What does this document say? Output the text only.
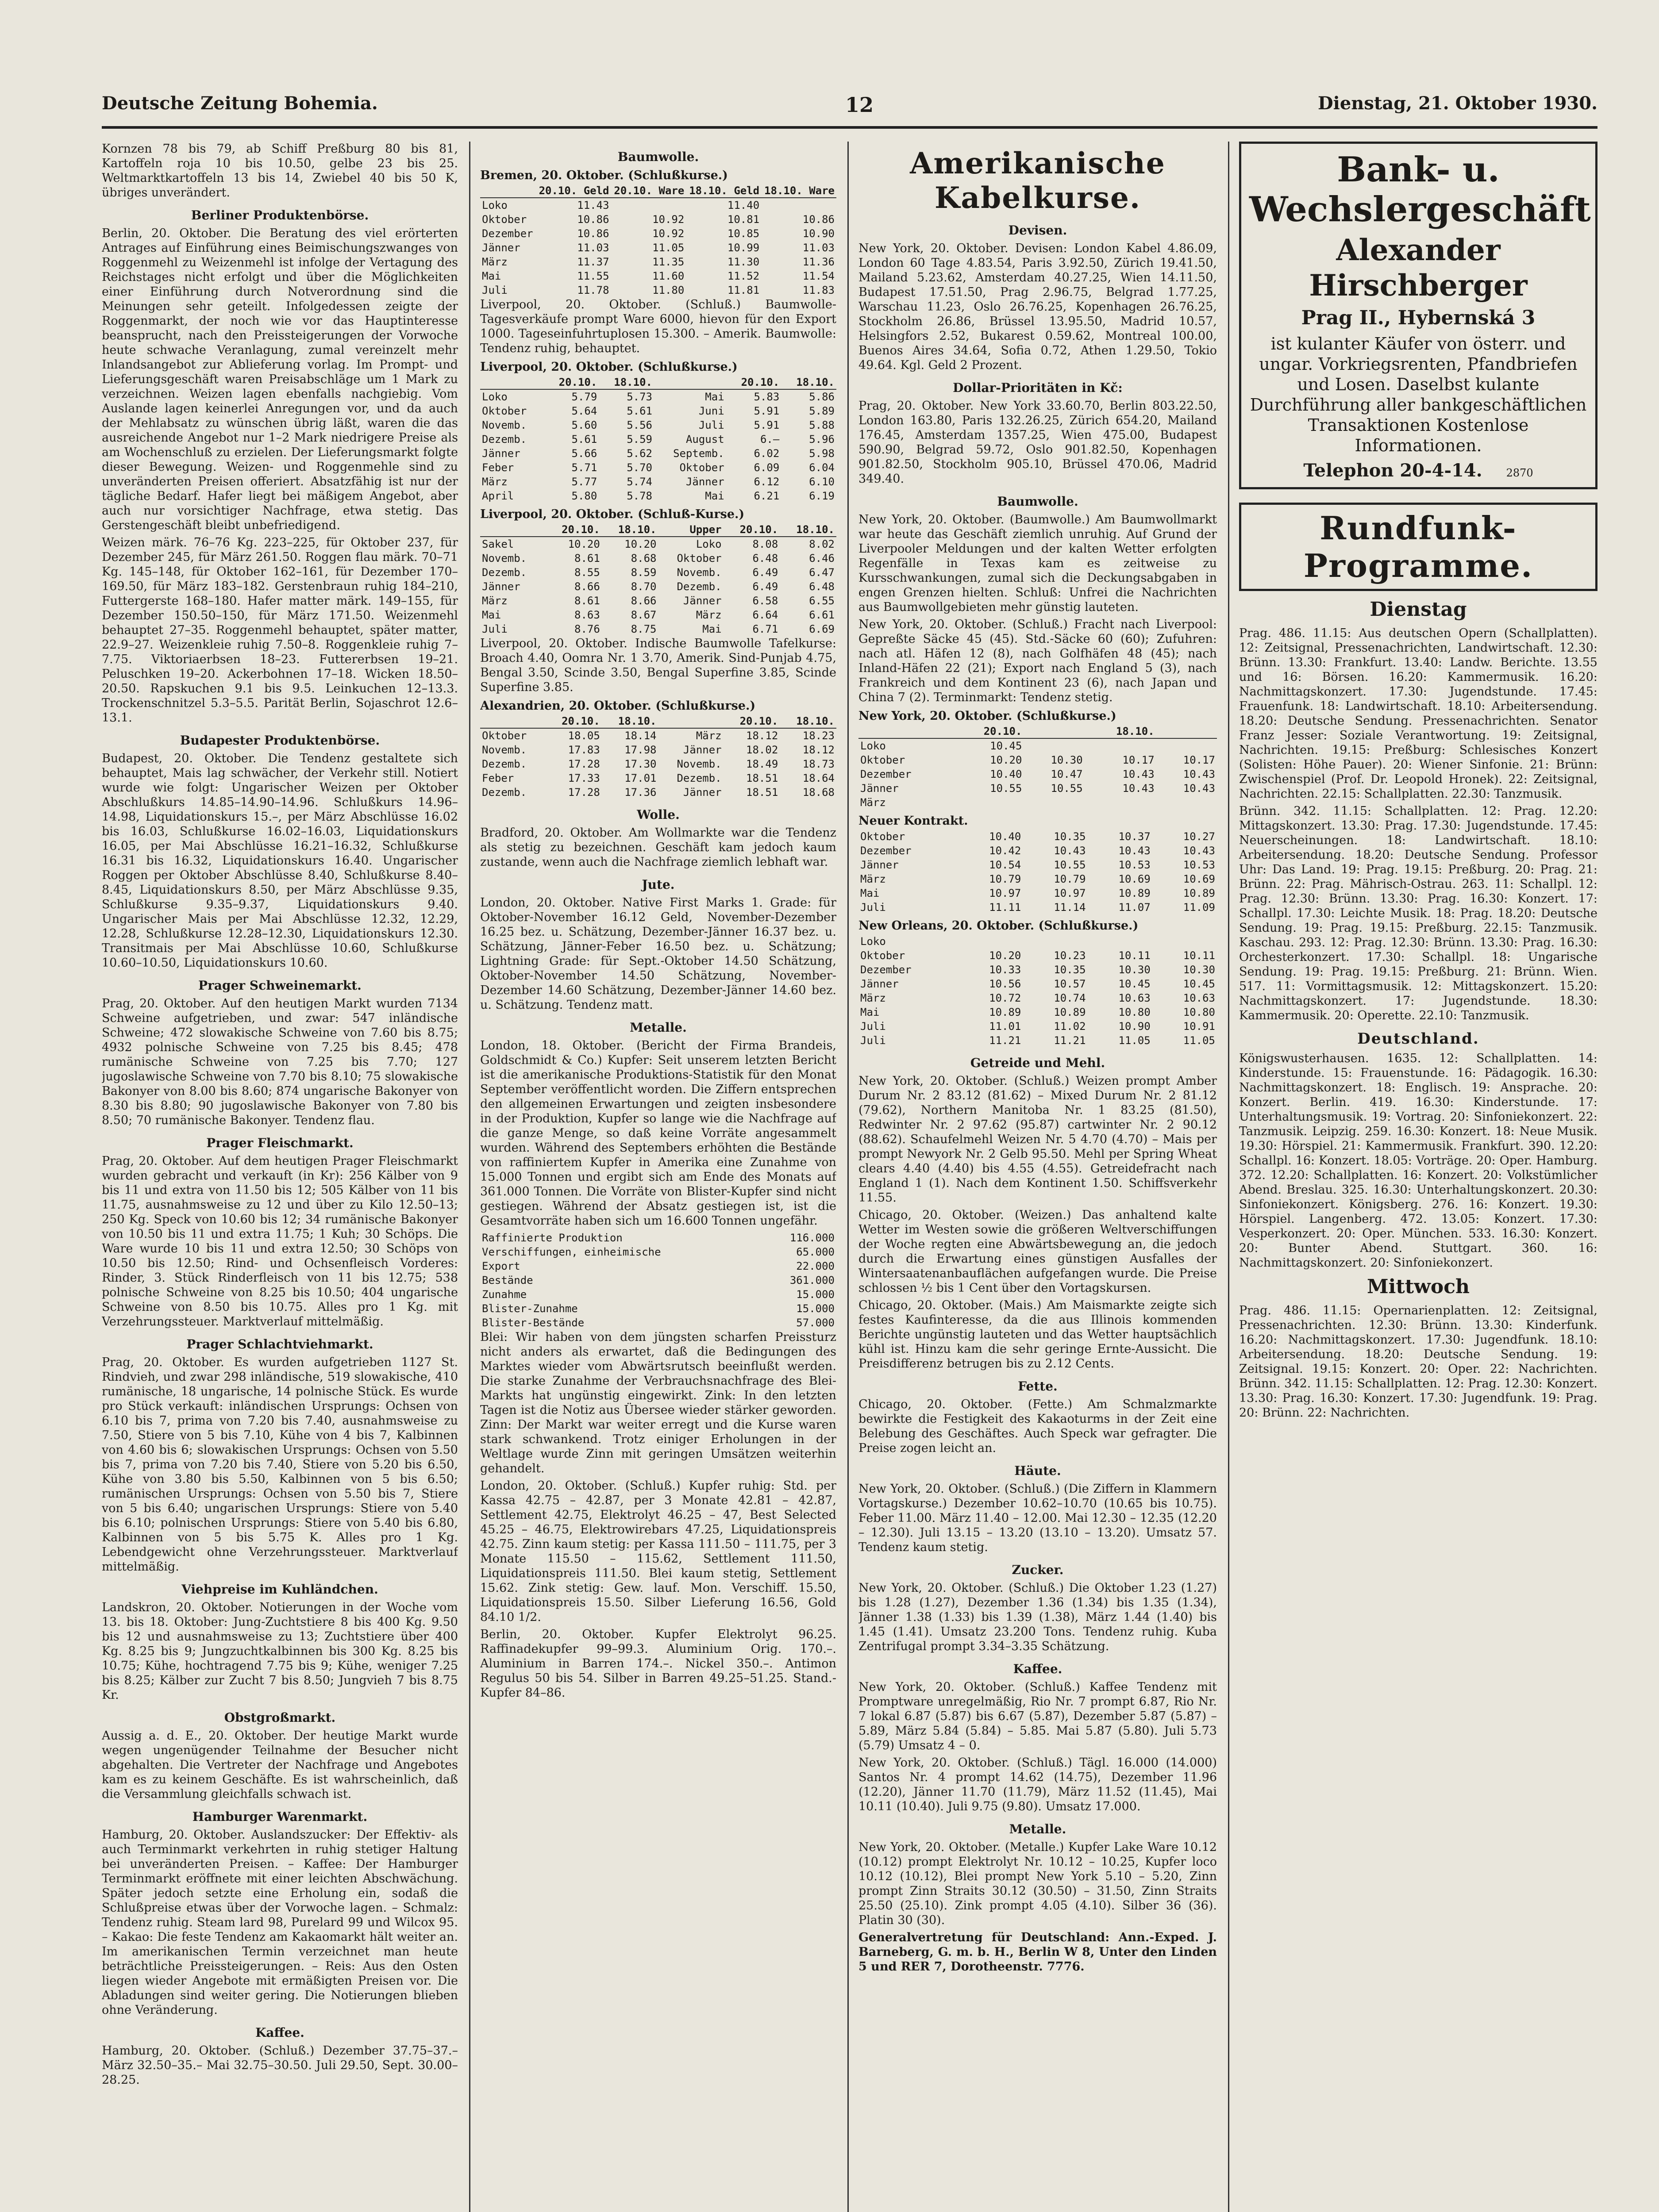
Deutsche Zeitung Bohemia.	12	Dienstag, 21. Oktober 1930.

Kornzen 78 bis 79, ab Schiff Preßburg 80 bis 81, Kartoffeln roja 10 bis 10.50, gelbe 23 bis 25. Weltmarktkartoffeln 13 bis 14, Zwiebel 40 bis 50 K, übriges unverändert.

Berliner Produktenbörse.

Berlin, 20. Oktober. Die Beratung des viel erörterten Antrages auf Einführung eines Beimischungszwanges von Roggenmehl zu Weizenmehl ist infolge der Vertagung des Reichstages nicht erfolgt und über die Möglichkeiten einer Einführung durch Notverordnung sind die Meinungen sehr geteilt. Infolgedessen zeigte der Roggenmarkt, der noch wie vor das Hauptinteresse beansprucht, nach den Preissteigerungen der Vorwoche heute schwache Veranlagung, zumal vereinzelt mehr Inlandsangebot zur Ablieferung vorlag. Im Prompt- und Lieferungsgeschäft waren Preisabschläge um 1 Mark zu verzeichnen. Weizen lagen ebenfalls nachgiebig. Vom Auslande lagen keinerlei Anregungen vor, und da auch der Mehlabsatz zu wünschen übrig läßt, waren die das ausreichende Angebot nur 1–2 Mark niedrigere Preise als am Wochenschluß zu erzielen. Der Lieferungsmarkt folgte dieser Bewegung. Weizen- und Roggenmehle sind zu unveränderten Preisen offeriert. Absatzfähig ist nur der tägliche Bedarf. Hafer liegt bei mäßigem Angebot, aber auch nur vorsichtiger Nachfrage, etwa stetig. Das Gerstengeschäft bleibt unbefriedigend.

Weizen märk. 76–76 Kg. 223–225, für Oktober 237, für Dezember 245, für März 261.50. Roggen flau märk. 70–71 Kg. 145–148, für Oktober 162–161, für Dezember 170–169.50, für März 183–182. Gerstenbraun ruhig 184–210, Futtergerste 168–180. Hafer matter märk. 149–155, für Dezember 150.50–150, für März 171.50. Weizenmehl behauptet 27–35. Roggenmehl behauptet, später matter, 22.9–27. Weizenkleie ruhig 7.50–8. Roggenkleie ruhig 7–7.75. Viktoriaerbsen 18–23. Futtererbsen 19–21. Peluschken 19–20. Ackerbohnen 17–18. Wicken 18.50–20.50. Rapskuchen 9.1 bis 9.5. Leinkuchen 12–13.3. Trockenschnitzel 5.3–5.5. Parität Berlin, Sojaschrot 12.6–13.1.

Budapester Produktenbörse.

Budapest, 20. Oktober. Die Tendenz gestaltete sich behauptet, Mais lag schwächer, der Verkehr still. Notiert wurde wie folgt: Ungarischer Weizen per Oktober Abschlußkurs 14.85–14.90–14.96. Schlußkurs 14.96–14.98, Liquidationskurs 15.–, per März Abschlüsse 16.02 bis 16.03, Schlußkurse 16.02–16.03, Liquidationskurs 16.05, per Mai Abschlüsse 16.21–16.32, Schlußkurse 16.31 bis 16.32, Liquidationskurs 16.40. Ungarischer Roggen per Oktober Abschlüsse 8.40, Schlußkurse 8.40–8.45, Liquidationskurs 8.50, per März Abschlüsse 9.35, Schlußkurse 9.35–9.37, Liquidationskurs 9.40. Ungarischer Mais per Mai Abschlüsse 12.32, 12.29, 12.28, Schlußkurse 12.28–12.30, Liquidationskurs 12.30. Transitmais per Mai Abschlüsse 10.60, Schlußkurse 10.60–10.50, Liquidationskurs 10.60.

Prager Schweinemarkt.

Prag, 20. Oktober. Auf den heutigen Markt wurden 7134 Schweine aufgetrieben, und zwar: 547 inländische Schweine; 472 slowakische Schweine von 7.60 bis 8.75; 4932 polnische Schweine von 7.25 bis 8.45; 478 rumänische Schweine von 7.25 bis 7.70; 127 jugoslawische Schweine von 7.70 bis 8.10; 75 slowakische Bakonyer von 8.00 bis 8.60; 874 ungarische Bakonyer von 8.30 bis 8.80; 90 jugoslawische Bakonyer von 7.80 bis 8.50; 70 rumänische Bakonyer. Tendenz flau.

Prager Fleischmarkt.

Prag, 20. Oktober. Auf dem heutigen Prager Fleischmarkt wurden gebracht und verkauft (in Kr): 256 Kälber von 9 bis 11 und extra von 11.50 bis 12; 505 Kälber von 11 bis 11.75, ausnahmsweise zu 12 und über zu Kilo 12.50–13; 250 Kg. Speck von 10.60 bis 12; 34 rumänische Bakonyer von 10.50 bis 11 und extra 11.75; 1 Kuh; 30 Schöps. Die Ware wurde 10 bis 11 und extra 12.50; 30 Schöps von 10.50 bis 12.50; Rind- und Ochsenfleisch Vorderes: Rinder, 3. Stück Rinderfleisch von 11 bis 12.75; 538 polnische Schweine von 8.25 bis 10.50; 404 ungarische Schweine von 8.50 bis 10.75. Alles pro 1 Kg. mit Verzehrungssteuer. Marktverlauf mittelmäßig.

Prager Schlachtviehmarkt.

Prag, 20. Oktober. Es wurden aufgetrieben 1127 St. Rindvieh, und zwar 298 inländische, 519 slowakische, 410 rumänische, 18 ungarische, 14 polnische Stück. Es wurde pro Stück verkauft: inländischen Ursprungs: Ochsen von 6.10 bis 7, prima von 7.20 bis 7.40, ausnahmsweise zu 7.50, Stiere von 5 bis 7.10, Kühe von 4 bis 7, Kalbinnen von 4.60 bis 6; slowakischen Ursprungs: Ochsen von 5.50 bis 7, prima von 7.20 bis 7.40, Stiere von 5.20 bis 6.50, Kühe von 3.80 bis 5.50, Kalbinnen von 5 bis 6.50; rumänischen Ursprungs: Ochsen von 5.50 bis 7, Stiere von 5 bis 6.40; ungarischen Ursprungs: Stiere von 5.40 bis 6.10; polnischen Ursprungs: Stiere von 5.40 bis 6.80, Kalbinnen von 5 bis 5.75 K. Alles pro 1 Kg. Lebendgewicht ohne Verzehrungssteuer. Marktverlauf mittelmäßig.

Viehpreise im Kuhländchen.

Landskron, 20. Oktober. Notierungen in der Woche vom 13. bis 18. Oktober: Jung-Zuchtstiere 8 bis 400 Kg. 9.50 bis 12 und ausnahmsweise zu 13; Zuchtstiere über 400 Kg. 8.25 bis 9; Jungzuchtkalbinnen bis 300 Kg. 8.25 bis 10.75; Kühe, hochtragend 7.75 bis 9; Kühe, weniger 7.25 bis 8.25; Kälber zur Zucht 7 bis 8.50; Jungvieh 7 bis 8.75 Kr.

Obstgroßmarkt.

Aussig a. d. E., 20. Oktober. Der heutige Markt wurde wegen ungenügender Teilnahme der Besucher nicht abgehalten. Die Vertreter der Nachfrage und Angebotes kam es zu keinem Geschäfte. Es ist wahrscheinlich, daß die Versammlung gleichfalls schwach ist.

Hamburger Warenmarkt.

Hamburg, 20. Oktober. Auslandszucker: Der Effektiv- als auch Terminmarkt verkehrten in ruhig stetiger Haltung bei unveränderten Preisen. – Kaffee: Der Hamburger Terminmarkt eröffnete mit einer leichten Abschwächung. Später jedoch setzte eine Erholung ein, sodaß die Schlußpreise etwas über der Vorwoche lagen. – Schmalz: Tendenz ruhig. Steam lard 98, Purelard 99 und Wilcox 95. – Kakao: Die feste Tendenz am Kakaomarkt hält weiter an. Im amerikanischen Termin verzeichnet man heute beträchtliche Preissteigerungen. – Reis: Aus den Osten liegen wieder Angebote mit ermäßigten Preisen vor. Die Abladungen sind weiter gering. Die Notierungen blieben ohne Veränderung.

Kaffee.

Hamburg, 20. Oktober. (Schluß.) Dezember 37.75–37.– März 32.50–35.– Mai 32.75–30.50. Juli 29.50, Sept. 30.00–28.25.

Baumwolle.
Bremen, 20. Oktober. (Schlußkurse.)
	20.10. Geld	20.10. Ware	18.10. Geld	18.10. Ware
Loko	11.43		11.40	
Oktober	10.86	10.92	10.81	10.86
Dezember	10.86	10.92	10.85	10.90
Jänner	11.03	11.05	10.99	11.03
März	11.37	11.35	11.30	11.36
Mai	11.55	11.60	11.52	11.54
Juli	11.78	11.80	11.81	11.83

Liverpool, 20. Oktober. (Schluß.) Baumwolle-Tagesverkäufe prompt Ware 6000, hievon für den Export 1000. Tageseinfuhrtuplosen 15.300. – Amerik. Baumwolle: Tendenz ruhig, behauptet.

Liverpool, 20. Oktober. (Schlußkurse.)
	20.10.	18.10.		20.10.	18.10.
Loko	5.79	5.73	Mai	5.83	5.86
Oktober	5.64	5.61	Juni	5.91	5.89
Novemb.	5.60	5.56	Juli	5.91	5.88
Dezemb.	5.61	5.59	August	6.—	5.96
Jänner	5.66	5.62	Septemb.	6.02	5.98
Feber	5.71	5.70	Oktober	6.09	6.04
März	5.77	5.74	Jänner	6.12	6.10
April	5.80	5.78	Mai	6.21	6.19
Liverpool, 20. Oktober. (Schluß-Kurse.)
	20.10.	18.10.	Upper	20.10.	18.10.
Sakel	10.20	10.20	Loko	8.08	8.02
Novemb.	8.61	8.68	Oktober	6.48	6.46
Dezemb.	8.55	8.59	Novemb.	6.49	6.47
Jänner	8.66	8.70	Dezemb.	6.49	6.48
März	8.61	8.66	Jänner	6.58	6.55
Mai	8.63	8.67	März	6.64	6.61
Juli	8.76	8.75	Mai	6.71	6.69

Liverpool, 20. Oktober. Indische Baumwolle Tafelkurse: Broach 4.40, Oomra Nr. 1 3.70, Amerik. Sind-Punjab 4.75, Bengal 3.50, Scinde 3.50, Bengal Superfine 3.85, Scinde Superfine 3.85.

Alexandrien, 20. Oktober. (Schlußkurse.)
	20.10.	18.10.		20.10.	18.10.
Oktober	18.05	18.14	März	18.12	18.23
Novemb.	17.83	17.98	Jänner	18.02	18.12
Dezemb.	17.28	17.30	Novemb.	18.49	18.73
Feber	17.33	17.01	Dezemb.	18.51	18.64
Dezemb.	17.28	17.36	Jänner	18.51	18.68
Wolle.

Bradford, 20. Oktober. Am Wollmarkte war die Tendenz als stetig zu bezeichnen. Geschäft kam jedoch kaum zustande, wenn auch die Nachfrage ziemlich lebhaft war.

Jute.

London, 20. Oktober. Native First Marks 1. Grade: für Oktober-November 16.12 Geld, November-Dezember 16.25 bez. u. Schätzung, Dezember-Jänner 16.37 bez. u. Schätzung, Jänner-Feber 16.50 bez. u. Schätzung; Lightning Grade: für Sept.-Oktober 14.50 Schätzung, Oktober-November 14.50 Schätzung, November-Dezember 14.60 Schätzung, Dezember-Jänner 14.60 bez. u. Schätzung. Tendenz matt.

Metalle.

London, 18. Oktober. (Bericht der Firma Brandeis, Goldschmidt & Co.) Kupfer: Seit unserem letzten Bericht ist die amerikanische Produktions-Statistik für den Monat September veröffentlicht worden. Die Ziffern entsprechen den allgemeinen Erwartungen und zeigten insbesondere in der Produktion, Kupfer so lange wie die Nachfrage auf die ganze Menge, so daß keine Vorräte angesammelt wurden. Während des Septembers erhöhten die Bestände von raffiniertem Kupfer in Amerika eine Zunahme von 15.000 Tonnen und ergibt sich am Ende des Monats auf 361.000 Tonnen. Die Vorräte von Blister-Kupfer sind nicht gestiegen. Während der Absatz gestiegen ist, ist die Gesamtvorräte haben sich um 16.600 Tonnen ungefähr.

Raffinierte Produktion	116.000
Verschiffungen, einheimische	65.000
Export	22.000
Bestände	361.000
Zunahme	15.000
Blister-Zunahme	15.000
Blister-Bestände	57.000

Blei: Wir haben von dem jüngsten scharfen Preissturz nicht anders als erwartet, daß die Bedingungen des Marktes wieder vom Abwärtsrutsch beeinflußt werden. Die starke Zunahme der Verbrauchsnachfrage des Blei-Markts hat ungünstig eingewirkt. Zink: In den letzten Tagen ist die Notiz aus Übersee wieder stärker geworden. Zinn: Der Markt war weiter erregt und die Kurse waren stark schwankend. Trotz einiger Erholungen in der Weltlage wurde Zinn mit geringen Umsätzen weiterhin gehandelt.

London, 20. Oktober. (Schluß.) Kupfer ruhig: Std. per Kassa 42.75 – 42.87, per 3 Monate 42.81 – 42.87, Settlement 42.75, Elektrolyt 46.25 – 47, Best Selected 45.25 – 46.75, Elektrowirebars 47.25, Liquidationspreis 42.75. Zinn kaum stetig: per Kassa 111.50 – 111.75, per 3 Monate 115.50 – 115.62, Settlement 111.50, Liquidationspreis 111.50. Blei kaum stetig, Settlement 15.62. Zink stetig: Gew. lauf. Mon. Verschiff. 15.50, Liquidationspreis 15.50. Silber Lieferung 16.56, Gold 84.10 1/2.

Berlin, 20. Oktober. Kupfer Elektrolyt 96.25. Raffinadekupfer 99–99.3. Aluminium Orig. 170.–. Aluminium in Barren 174.–. Nickel 350.–. Antimon Regulus 50 bis 54. Silber in Barren 49.25–51.25. Stand.-Kupfer 84–86.

Amerikanische Kabelkurse.
Devisen.

New York, 20. Oktober. Devisen: London Kabel 4.86.09, London 60 Tage 4.83.54, Paris 3.92.50, Zürich 19.41.50, Mailand 5.23.62, Amsterdam 40.27.25, Wien 14.11.50, Budapest 17.51.50, Prag 2.96.75, Belgrad 1.77.25, Warschau 11.23, Oslo 26.76.25, Kopenhagen 26.76.25, Stockholm 26.86, Brüssel 13.95.50, Madrid 10.57, Helsingfors 2.52, Bukarest 0.59.62, Montreal 100.00, Buenos Aires 34.64, Sofia 0.72, Athen 1.29.50, Tokio 49.64. Kgl. Geld 2 Prozent.

Dollar-Prioritäten in Kč:

Prag, 20. Oktober. New York 33.60.70, Berlin 803.22.50, London 163.80, Paris 132.26.25, Zürich 654.20, Mailand 176.45, Amsterdam 1357.25, Wien 475.00, Budapest 590.90, Belgrad 59.72, Oslo 901.82.50, Kopenhagen 901.82.50, Stockholm 905.10, Brüssel 470.06, Madrid 349.40.

Baumwolle.

New York, 20. Oktober. (Baumwolle.) Am Baumwollmarkt war heute das Geschäft ziemlich unruhig. Auf Grund der Liverpooler Meldungen und der kalten Wetter erfolgten Regenfälle in Texas kam es zeitweise zu Kursschwankungen, zumal sich die Deckungsabgaben in engen Grenzen hielten. Schluß: Unfrei die Nachrichten aus Baumwollgebieten mehr günstig lauteten.

New York, 20. Oktober. (Schluß.) Fracht nach Liverpool: Gepreßte Säcke 45 (45). Std.-Säcke 60 (60); Zufuhren: nach atl. Häfen 12 (8), nach Golfhäfen 48 (45); nach Inland-Häfen 22 (21); Export nach England 5 (3), nach Frankreich und dem Kontinent 23 (6), nach Japan und China 7 (2). Terminmarkt: Tendenz stetig.

New York, 20. Oktober. (Schlußkurse.)
	20.10.		18.10.	
Loko	10.45			
Oktober	10.20	10.30	10.17	10.17
Dezember	10.40	10.47	10.43	10.43
Jänner	10.55	10.55	10.43	10.43
März				
Neuer Kontrakt.
Oktober	10.40	10.35	10.37	10.27
Dezember	10.42	10.43	10.43	10.43
Jänner	10.54	10.55	10.53	10.53
März	10.79	10.79	10.69	10.69
Mai	10.97	10.97	10.89	10.89
Juli	11.11	11.14	11.07	11.09
New Orleans, 20. Oktober. (Schlußkurse.)
Loko				
Oktober	10.20	10.23	10.11	10.11
Dezember	10.33	10.35	10.30	10.30
Jänner	10.56	10.57	10.45	10.45
März	10.72	10.74	10.63	10.63
Mai	10.89	10.89	10.80	10.80
Juli	11.01	11.02	10.90	10.91
Juli	11.21	11.21	11.05	11.05
Getreide und Mehl.

New York, 20. Oktober. (Schluß.) Weizen prompt Amber Durum Nr. 2 83.12 (81.62) – Mixed Durum Nr. 2 81.12 (79.62), Northern Manitoba Nr. 1 83.25 (81.50), Redwinter Nr. 2 97.62 (95.87) cartwinter Nr. 2 90.12 (88.62). Schaufelmehl Weizen Nr. 5 4.70 (4.70) – Mais per prompt Newyork Nr. 2 Gelb 95.50. Mehl per Spring Wheat clears 4.40 (4.40) bis 4.55 (4.55). Getreidefracht nach England 1 (1). Nach dem Kontinent 1.50. Schiffsverkehr 11.55.

Chicago, 20. Oktober. (Weizen.) Das anhaltend kalte Wetter im Westen sowie die größeren Weltverschiffungen der Woche regten eine Abwärtsbewegung an, die jedoch durch die Erwartung eines günstigen Ausfalles der Wintersaatenanbauflächen aufgefangen wurde. Die Preise schlossen ½ bis 1 Cent über den Vortagskursen.

Chicago, 20. Oktober. (Mais.) Am Maismarkte zeigte sich festes Kaufinteresse, da die aus Illinois kommenden Berichte ungünstig lauteten und das Wetter hauptsächlich kühl ist. Hinzu kam die sehr geringe Ernte-Aussicht. Die Preisdifferenz betrugen bis zu 2.12 Cents.

Fette.

Chicago, 20. Oktober. (Fette.) Am Schmalzmarkte bewirkte die Festigkeit des Kakaoturms in der Zeit eine Belebung des Geschäftes. Auch Speck war gefragter. Die Preise zogen leicht an.

Häute.

New York, 20. Oktober. (Schluß.) (Die Ziffern in Klammern Vortagskurse.) Dezember 10.62–10.70 (10.65 bis 10.75). Feber 11.00. März 11.40 – 12.00. Mai 12.30 – 12.35 (12.20 – 12.30). Juli 13.15 – 13.20 (13.10 – 13.20). Umsatz 57. Tendenz kaum stetig.

Zucker.

New York, 20. Oktober. (Schluß.) Die Oktober 1.23 (1.27) bis 1.28 (1.27), Dezember 1.36 (1.34) bis 1.35 (1.34), Jänner 1.38 (1.33) bis 1.39 (1.38), März 1.44 (1.40) bis 1.45 (1.41). Umsatz 23.200 Tons. Tendenz ruhig. Kuba Zentrifugal prompt 3.34–3.35 Schätzung.

Kaffee.

New York, 20. Oktober. (Schluß.) Kaffee Tendenz mit Promptware unregelmäßig, Rio Nr. 7 prompt 6.87, Rio Nr. 7 lokal 6.87 (5.87) bis 6.67 (5.87), Dezember 5.87 (5.87) – 5.89, März 5.84 (5.84) – 5.85. Mai 5.87 (5.80). Juli 5.73 (5.79) Umsatz 4 – 0.

New York, 20. Oktober. (Schluß.) Tägl. 16.000 (14.000) Santos Nr. 4 prompt 14.62 (14.75), Dezember 11.96 (12.20), Jänner 11.70 (11.79), März 11.52 (11.45), Mai 10.11 (10.40). Juli 9.75 (9.80). Umsatz 17.000.

Metalle.

New York, 20. Oktober. (Metalle.) Kupfer Lake Ware 10.12 (10.12) prompt Elektrolyt Nr. 10.12 – 10.25, Kupfer loco 10.12 (10.12), Blei prompt New York 5.10 – 5.20, Zinn prompt Zinn Straits 30.12 (30.50) – 31.50, Zinn Straits 25.50 (25.10). Zink prompt 4.05 (4.10). Silber 36 (36). Platin 30 (30).

Generalvertretung für Deutschland: Ann.-Exped. J. Barneberg, G. m. b. H., Berlin W 8, Unter den Linden 5 und RER 7, Dorotheenstr. 7776.

Bank- u. Wechslergeschäft
Alexander Hirschberger
Prag II., Hybernská 3
ist kulanter Käufer von österr. und ungar. Vorkriegsrenten, Pfandbriefen und Losen. Daselbst kulante Durchführung aller bankgeschäftlichen Transaktionen Kostenlose Informationen.
Telephon 20-4-14. 2870
Rundfunk-Programme.
Dienstag

Prag. 486. 11.15: Aus deutschen Opern (Schallplatten). 12: Zeitsignal, Pressenachrichten, Landwirtschaft. 12.30: Brünn. 13.30: Frankfurt. 13.40: Landw. Berichte. 13.55 und 16: Börsen. 16.20: Kammermusik. 16.20: Nachmittagskonzert. 17.30: Jugendstunde. 17.45: Frauenfunk. 18: Landwirtschaft. 18.10: Arbeitersendung. 18.20: Deutsche Sendung. Pressenachrichten. Senator Franz Jesser: Soziale Verantwortung. 19: Zeitsignal, Nachrichten. 19.15: Preßburg: Schlesisches Konzert (Solisten: Höhe Pauer). 20: Wiener Sinfonie. 21: Brünn: Zwischenspiel (Prof. Dr. Leopold Hronek). 22: Zeitsignal, Nachrichten. 22.15: Schallplatten. 22.30: Tanzmusik.

Brünn. 342. 11.15: Schallplatten. 12: Prag. 12.20: Mittagskonzert. 13.30: Prag. 17.30: Jugendstunde. 17.45: Neuerscheinungen. 18: Landwirtschaft. 18.10: Arbeitersendung. 18.20: Deutsche Sendung. Professor Uhr: Das Land. 19: Prag. 19.15: Preßburg. 20: Prag. 21: Brünn. 22: Prag. Mährisch-Ostrau. 263. 11: Schallpl. 12: Prag. 12.30: Brünn. 13.30: Prag. 16.30: Konzert. 17: Schallpl. 17.30: Leichte Musik. 18: Prag. 18.20: Deutsche Sendung. 19: Prag. 19.15: Preßburg. 22.15: Tanzmusik. Kaschau. 293. 12: Prag. 12.30: Brünn. 13.30: Prag. 16.30: Orchesterkonzert. 17.30: Schallpl. 18: Ungarische Sendung. 19: Prag. 19.15: Preßburg. 21: Brünn. Wien. 517. 11: Vormittagsmusik. 12: Mittagskonzert. 15.20: Nachmittagskonzert. 17: Jugendstunde. 18.30: Kammermusik. 20: Operette. 22.10: Tanzmusik.

Deutschland.

Königswusterhausen. 1635. 12: Schallplatten. 14: Kinderstunde. 15: Frauenstunde. 16: Pädagogik. 16.30: Nachmittagskonzert. 18: Englisch. 19: Ansprache. 20: Konzert. Berlin. 419. 16.30: Kinderstunde. 17: Unterhaltungsmusik. 19: Vortrag. 20: Sinfoniekonzert. 22: Tanzmusik. Leipzig. 259. 16.30: Konzert. 18: Neue Musik. 19.30: Hörspiel. 21: Kammermusik. Frankfurt. 390. 12.20: Schallpl. 16: Konzert. 18.05: Vorträge. 20: Oper. Hamburg. 372. 12.20: Schallplatten. 16: Konzert. 20: Volkstümlicher Abend. Breslau. 325. 16.30: Unterhaltungskonzert. 20.30: Sinfoniekonzert. Königsberg. 276. 16: Konzert. 19.30: Hörspiel. Langenberg. 472. 13.05: Konzert. 17.30: Vesperkonzert. 20: Oper. München. 533. 16.30: Konzert. 20: Bunter Abend. Stuttgart. 360. 16: Nachmittagskonzert. 20: Sinfoniekonzert.

Mittwoch

Prag. 486. 11.15: Opernarienplatten. 12: Zeitsignal, Pressenachrichten. 12.30: Brünn. 13.30: Kinderfunk. 16.20: Nachmittagskonzert. 17.30: Jugendfunk. 18.10: Arbeitersendung. 18.20: Deutsche Sendung. 19: Zeitsignal. 19.15: Konzert. 20: Oper. 22: Nachrichten. Brünn. 342. 11.15: Schallplatten. 12: Prag. 12.30: Konzert. 13.30: Prag. 16.30: Konzert. 17.30: Jugendfunk. 19: Prag. 20: Brünn. 22: Nachrichten.
